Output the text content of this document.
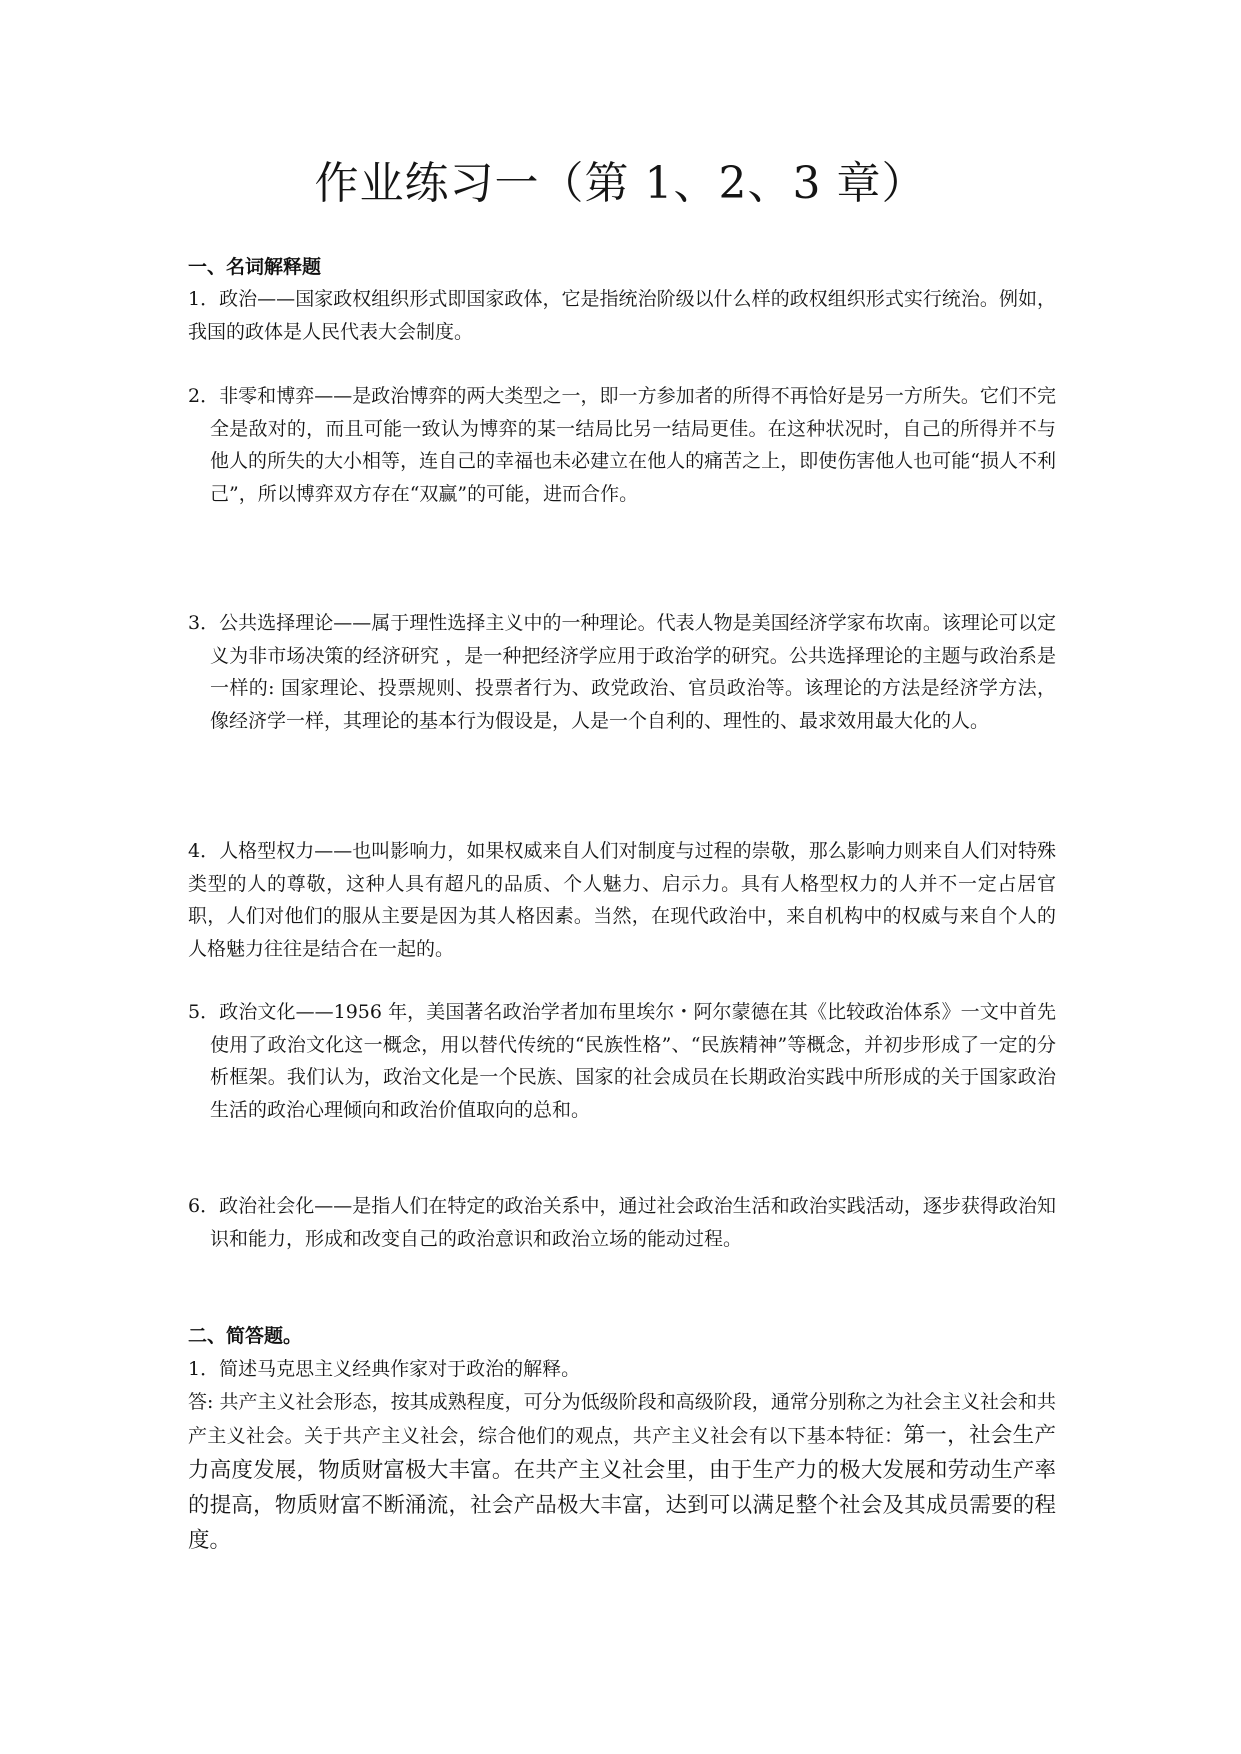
作业练习一（第 1、2、3 章）
一、名词解释题
1．政治——国家政权组织形式即国家政体，它是指统治阶级以什么样的政权组织形式实行统治。例如，我国的政体是人民代表大会制度。
2．非零和博弈——是政治博弈的两大类型之一，即一方参加者的所得不再恰好是另一方所失。它们不完全是敌对的，而且可能一致认为博弈的某一结局比另一结局更佳。在这种状况时，自己的所得并不与他人的所失的大小相等，连自己的幸福也未必建立在他人的痛苦之上，即使伤害他人也可能“损人不利己”，所以博弈双方存在“双赢”的可能，进而合作。
3．公共选择理论——属于理性选择主义中的一种理论。代表人物是美国经济学家布坎南。该理论可以定义为非市场决策的经济研究 ，是一种把经济学应用于政治学的研究。公共选择理论的主题与政治系是一样的: 国家理论、投票规则、投票者行为、政党政治、官员政治等。该理论的方法是经济学方法，像经济学一样，其理论的基本行为假设是，人是一个自利的、理性的、最求效用最大化的人。
4．人格型权力——也叫影响力，如果权威来自人们对制度与过程的崇敬，那么影响力则来自人们对特殊类型的人的尊敬，这种人具有超凡的品质、个人魅力、启示力。具有人格型权力的人并不一定占居官职，人们对他们的服从主要是因为其人格因素。当然，在现代政治中，来自机构中的权威与来自个人的人格魅力往往是结合在一起的。
5．政治文化——1956 年，美国著名政治学者加布里埃尔・阿尔蒙德在其《比较政治体系》一文中首先使用了政治文化这一概念，用以替代传统的“民族性格”、“民族精神”等概念，并初步形成了一定的分析框架。我们认为，政治文化是一个民族、国家的社会成员在长期政治实践中所形成的关于国家政治生活的政治心理倾向和政治价值取向的总和。
6．政治社会化——是指人们在特定的政治关系中，通过社会政治生活和政治实践活动，逐步获得政治知识和能力，形成和改变自己的政治意识和政治立场的能动过程。
二、简答题。
1．简述马克思主义经典作家对于政治的解释。
答: 共产主义社会形态，按其成熟程度，可分为低级阶段和高级阶段，通常分别称之为社会主义社会和共产主义社会。关于共产主义社会，综合他们的观点，共产主义社会有以下基本特征：第一，社会生产力高度发展，物质财富极大丰富。在共产主义社会里，由于生产力的极大发展和劳动生产率的提高，物质财富不断涌流，社会产品极大丰富，达到可以满足整个社会及其成员需要的程度。
